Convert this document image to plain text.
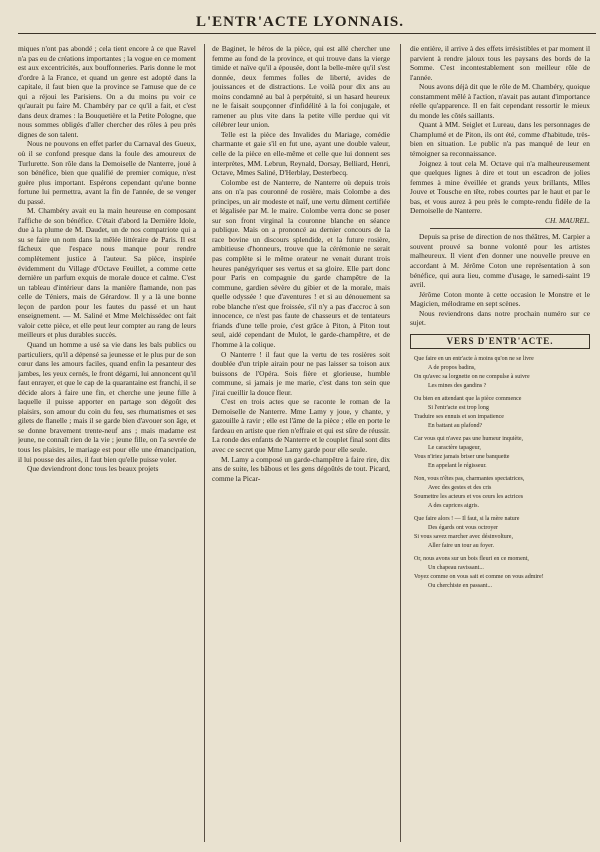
L'ENTR'ACTE LYONNAIS.

miques n'ont pas abondé ; cela tient encore à ce que Ravel n'a pas eu de créations importantes ; la vogue en ce moment est aux excentricités, aux bouffonneries. Paris donne le mot d'ordre à la France, et quand un genre est adopté dans la capitale, il faut bien que la province se l'amuse que de ce qui a réjoui les Parisiens. On a du moins pu voir ce qu'aurait pu faire M. Chambéry par ce qu'il a fait, et c'est dans deux drames : la Bouquetière et la Petite Pologne, que nous sommes obligés d'aller chercher des rôles à peu près dignes de son talent.

Nous ne pouvons en effet parler du Carnaval des Gueux, où il se confond presque dans la foule des amoureux de Turlurette. Son rôle dans la Demoiselle de Nanterre, joué à son bénéfice, bien que qualifié de premier comique, n'est guère plus important. Espérons cependant qu'une bonne fortune lui permettra, avant la fin de l'année, de se venger du passé.

M. Chambéry avait eu la main heureuse en composant l'affiche de son bénéfice. C'était d'abord la Dernière Idole, due à la plume de M. Daudet, un de nos compatriote qui a su se faire un nom dans la mêlée littéraire de Paris. Il est fâcheux que l'espace nous manque pour rendre complètement justice à l'auteur. Sa pièce, inspirée évidemment du Village d'Octave Feuillet, a comme cette dernière un parfum exquis de morale douce et calme. C'est un tableau d'intérieur dans la manière flamande, non pas celle de Téniers, mais de Gérardow. Il y a là une bonne leçon de pardon pour les fautes du passé et un haut enseignement. — M. Saliné et Mme Melchissédec ont fait valoir cette pièce, et elle peut leur compter au rang de leurs meilleurs et plus durables succès.

Quand un homme a usé sa vie dans les bals publics ou particuliers, qu'il a dépensé sa jeunesse et le plus pur de son cœur dans les amours faciles, quand enfin la pesanteur des jambes, les yeux cernés, le front dégarni, lui annoncent qu'il faut enrayer, et que le cap de la quarantaine est franchi, il se décide alors à faire une fin, et cherche une jeune fille à laquelle il puisse apporter en partage son dégoût des plaisirs, son amour du coin du feu, ses rhumatismes et ses gilets de flanelle ; mais il se garde bien d'avouer son âge, et se donne bravement trente-neuf ans ; mais madame est jeune, ne connaît rien de la vie ; jeune fille, on l'a sevrée de tous les plaisirs, le mariage est pour elle une émancipation, il lui pousse des ailes, il faut bien qu'elle puisse voler.

Que deviendront donc tous les beaux projets

de Baginet, le héros de la pièce, qui est allé chercher une femme au fond de la province, et qui trouve dans la vierge timide et naïve qu'il a épousée, dont la belle-mère qu'il s'est donnée, deux femmes folles de liberté, avides de jouissances et de distractions. Le voilà pour dix ans au moins condamné au bal à perpétuité, si un hasard heureux ne le faisait soupçonner d'infidélité à la foi conjugale, et ramener au plus vite dans la petite ville perdue qui vit célébrer leur union.

Telle est la pièce des Invalides du Mariage, comédie charmante et gaie s'il en fut une, ayant une double valeur, celle de la pièce en elle-même et celle que lui donnent ses interprètes, MM. Lebrun, Reynald, Dorsay, Belliard, Henri, Octave, Mmes Saliné, D'Herblay, Desterbecq.

Colombe est de Nanterre, de Nanterre où depuis trois ans on n'a pas couronné de rosière, mais Colombe a des principes, un air modeste et naïf, une vertu dûment certifiée et légalisée par M. le maire. Colombe verra donc se poser sur son front virginal la couronne blanche en séance publique. Mais on a prononcé au dernier concours de la race bovine un discours splendide, et la future rosière, ambitieuse d'honneurs, trouve que la cérémonie ne serait pas complète si le même orateur ne venait durant trois heures panégyriquer ses vertus et sa gloire. Elle part donc pour Paris en compagnie du garde champêtre de la commune, gardien sévère du gibier et de la morale, mais quelle odyssée ! que d'aventures ! et si au dénouement sa robe blanche n'est que froissée, s'il n'y a pas d'accroc à son innocence, ce n'est pas faute de chasseurs et de tentateurs friands d'une telle proie, c'est grâce à Piton, à Piton tout seul, aidé cependant de Mulot, le garde-champêtre, et de l'homme à la colique.

O Nanterre ! il faut que la vertu de tes rosières soit doublée d'un triple airain pour ne pas laisser sa toison aux buissons de l'Opéra. Sois fière et glorieuse, humble commune, si jamais je me marie, c'est dans ton sein que j'irai cueillir la douce fleur.

C'est en trois actes que se raconte le roman de la Demoiselle de Nanterre. Mme Lamy y joue, y chante, y gazouille à ravir ; elle est l'âme de la pièce ; elle en porte le fardeau en artiste que rien n'effraie et qui est sûre de réussir. La ronde des enfants de Nanterre et le couplet final sont dits avec ce secret que Mme Lamy garde pour elle seule.

M. Lamy a composé un garde-champêtre à faire rire, dix ans de suite, les bâbous et les gens dégoûtés de tout. Picard, comme la Picar-

die entière, il arrive à des effets irrésistibles et par moment il parvient à rendre jaloux tous les paysans des bords de la Somme. C'est incontestablement son meilleur rôle de l'année.

Nous avons déjà dit que le rôle de M. Chambéry, quoique constamment mêlé à l'action, n'avait pas autant d'importance réelle qu'apparence. Il en fait cependant ressortir le mieux du monde les côtés saillants.

Quant à MM. Seiglet et Lureau, dans les personnages de Champlumé et de Piton, ils ont été, comme d'habitude, très-bien en situation. Le public n'a pas manqué de leur en témoigner sa reconnaissance.

Joignez à tout cela M. Octave qui n'a malheureusement que quelques lignes à dire et tout un escadron de jolies femmes à mine éveillée et grands yeux brillants, Mlles Jouve et Tousche en tête, robes courtes par le haut et par le bas, et vous aurez à peu près le compte-rendu fidèle de la Demoiselle de Nanterre.

CH. MAUREL.

Depuis sa prise de direction de nos théâtres, M. Carpier a souvent prouvé sa bonne volonté pour les artistes malheureux. Il vient d'en donner une nouvelle preuve en accordant à M. Jérôme Coton une représentation à son bénéfice, qui aura lieu, comme d'usage, le samedi-saint 19 avril.

Jérôme Coton monte à cette occasion le Monstre et le Magicien, mélodrame en sept scènes.

Nous reviendrons dans notre prochain numéro sur ce sujet.

VERS D'ENTR'ACTE.

Que faire en un entr'acte à moins qu'on ne se livre

A de propos badins,

On qu'avec sa lorgnette on ne compulse à suivre

Les mines des gandins ?

Ou bien en attendant que la pièce commence

Si l'entr'acte est trop long

Traduire ses ennuis et son impatience

En battant au plafond?

Car vous qui n'avez pas une humeur inquiète,

Le caractère tapageur,

Vous n'iriez jamais briser une banquette

En appelant le régisseur.

Non, vous n'êtes pas, charmantes spectatrices,

Avec des gestes et des cris

Soumettre les acteurs et vos ceurs les actrices

A des caprices aigris.

Que faire alors ! — Il faut, si la mère nature

Des égards ont vous octroyer

Si vous savez marcher avec désinvolture,

Aller faire un tour au foyer.

Or, nous avons sur un bois fleuri en ce moment,

Un chapeau ravissant...

Voyez comme on vous sait et comme on vous admire!

Ou cherchiste en passant...
